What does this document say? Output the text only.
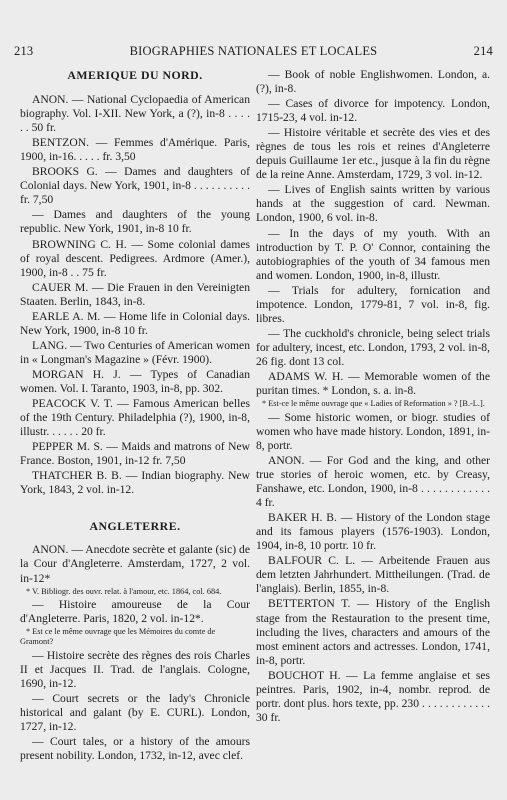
213	BIOGRAPHIES NATIONALES ET LOCALES	214
AMERIQUE DU NORD.

ANON. — National Cyclopaedia of American biography. Vol. I-XII. New York, a (?), in-8 . . . . . . 50 fr.

BENTZON. — Femmes d'Amérique. Paris, 1900, in-16. . . . . fr. 3,50

BROOKS G. — Dames and daughters of Colonial days. New York, 1901, in-8 . . . . . . . . . . fr. 7,50

— Dames and daughters of the young republic. New York, 1901, in-8 10 fr.

BROWNING C. H. — Some colonial dames of royal descent. Pedigrees. Ardmore (Amer.), 1900, in-8 . . 75 fr.

CAUER M. — Die Frauen in den Vereinigten Staaten. Berlin, 1843, in-8.

EARLE A. M. — Home life in Colonial days. New York, 1900, in-8 10 fr.

LANG. — Two Centuries of American women in « Longman's Magazine » (Févr. 1900).

MORGAN H. J. — Types of Canadian women. Vol. I. Taranto, 1903, in-8, pp. 302.

PEACOCK V. T. — Famous American belles of the 19th Century. Philadelphia (?), 1900, in-8, illustr. . . . . . 20 fr.

PEPPER M. S. — Maids and matrons of New France. Boston, 1901, in-12 fr. 7,50

THATCHER B. B. — Indian biography. New York, 1843, 2 vol. in-12.

ANGLETERRE.

ANON. — Anecdote secrète et galante (sic) de la Cour d'Angleterre. Amsterdam, 1727, 2 vol. in-12*

* V. Bibliogr. des ouvr. relat. à l'amour, etc. 1864, col. 684.

— Histoire amoureuse de la Cour d'Angleterre. Paris, 1820, 2 vol. in-12*.

* Est ce le même ouvrage que les Mémoires du comte de Gramont?

— Histoire secrète des règnes des rois Charles II et Jacques II. Trad. de l'anglais. Cologne, 1690, in-12.

— Court secrets or the lady's Chronicle historical and galant (by E. CURL). London, 1727, in-12.

— Court tales, or a history of the amours present nobility. London, 1732, in-12, avec clef.

— Book of noble Englishwomen. London, a. (?), in-8.

— Cases of divorce for impotency. London, 1715-23, 4 vol. in-12.

— Histoire véritable et secrète des vies et des règnes de tous les rois et reines d'Angleterre depuis Guillaume 1er etc., jusque à la fin du règne de la reine Anne. Amsterdam, 1729, 3 vol. in-12.

— Lives of English saints written by various hands at the suggestion of card. Newman. London, 1900, 6 vol. in-8.

— In the days of my youth. With an introduction by T. P. O' Connor, containing the autobiographies of the youth of 34 famous men and women. London, 1900, in-8, illustr.

— Trials for adultery, fornication and impotence. London, 1779-81, 7 vol. in-8, fig. libres.

— The cuckhold's chronicle, being select trials for adultery, incest, etc. London, 1793, 2 vol. in-8, 26 fig. dont 13 col.

ADAMS W. H. — Memorable women of the puritan times. * London, s. a. in-8.

* Est-ce le même ouvrage que « Ladies of Reformation » ? [B.-L.].

— Some historic women, or biogr. studies of women who have made history. London, 1891, in-8, portr.

ANON. — For God and the king, and other true stories of heroic women, etc. by Creasy, Fanshawe, etc. London, 1900, in-8 . . . . . . . . . . . . 4 fr.

BAKER H. B. — History of the London stage and its famous players (1576-1903). London, 1904, in-8, 10 portr. 10 fr.

BALFOUR C. L. — Arbeitende Frauen aus dem letzten Jahrhundert. Mittheilungen. (Trad. de l'anglais). Berlin, 1855, in-8.

BETTERTON T. — History of the English stage from the Restauration to the present time, including the lives, characters and amours of the most eminent actors and actresses. London, 1741, in-8, portr.

BOUCHOT H. — La femme anglaise et ses peintres. Paris, 1902, in-4, nombr. reprod. de portr. dont plus. hors texte, pp. 230 . . . . . . . . . . . . 30 fr.
